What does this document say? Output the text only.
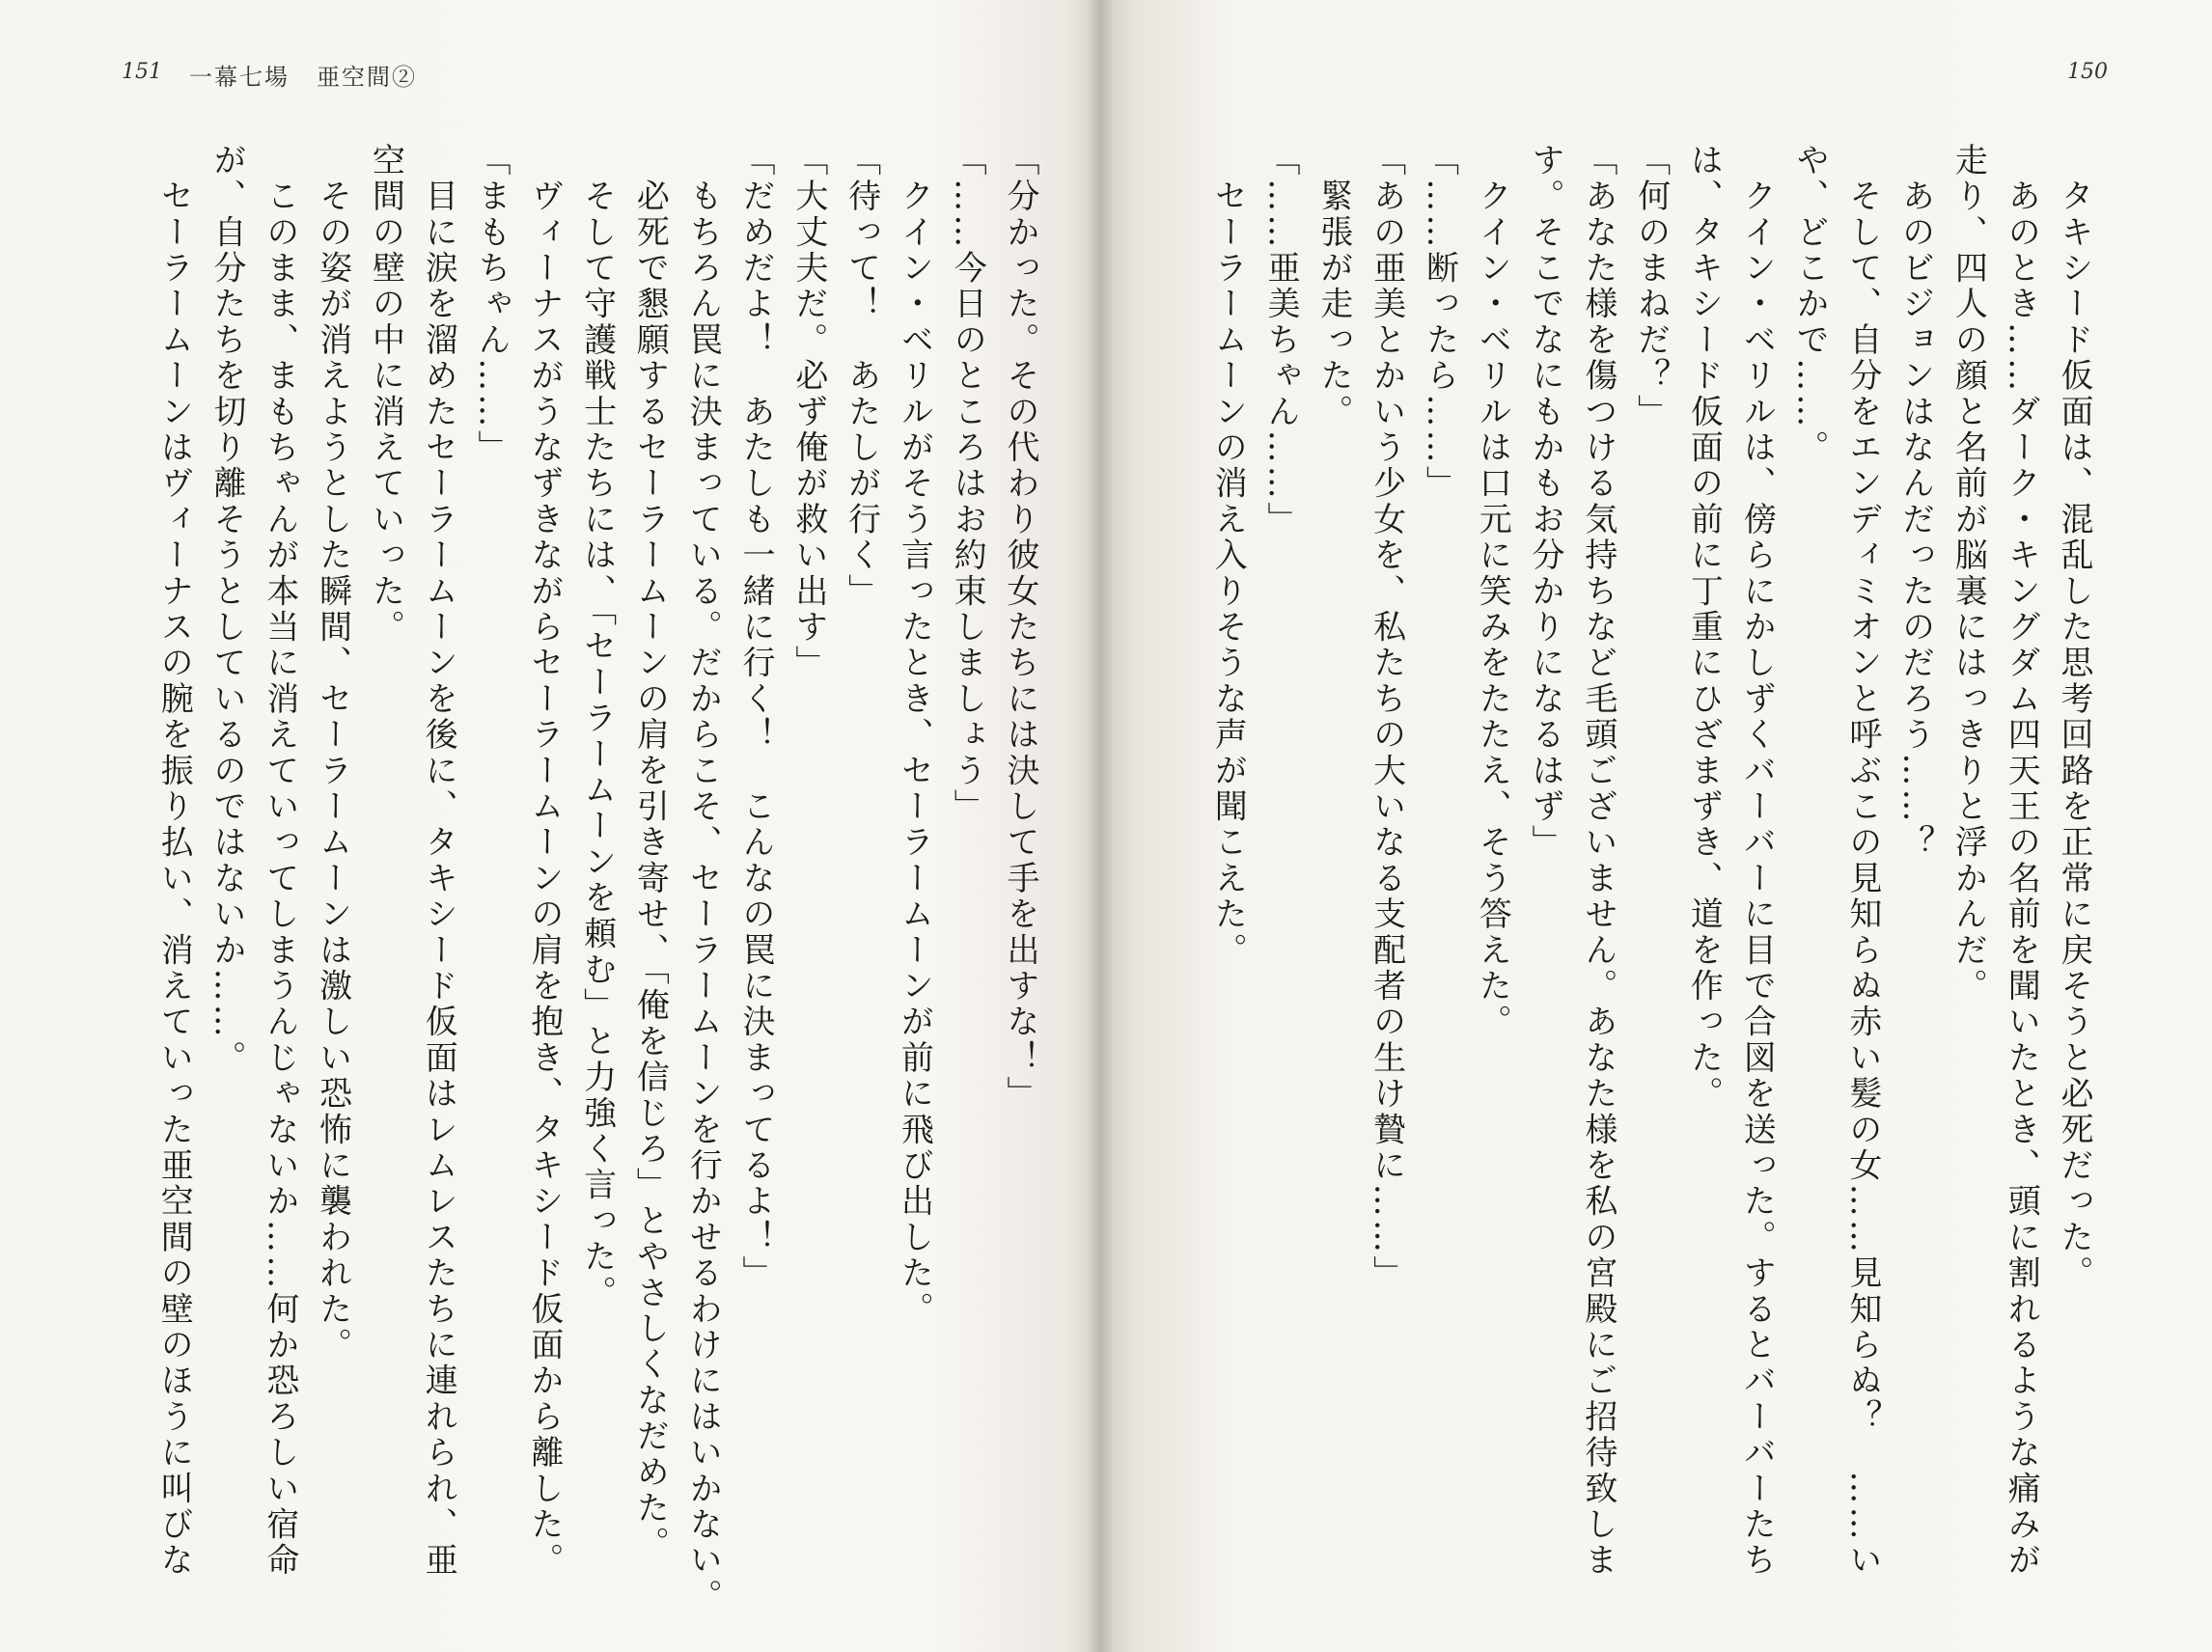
151 一幕七場 亜空間②
「分かった。その代わり彼女たちには決して手を出すな！」
「……今日のところはお約束しましょう」
　クイン・ベリルがそう言ったとき、セーラームーンが前に飛び出した。
「待って！　あたしが行く」
「大丈夫だ。必ず俺が救い出す」
「だめだよ！　あたしも一緒に行く！　こんなの罠に決まってるよ！」
　もちろん罠に決まっている。だからこそ、セーラームーンを行かせるわけにはいかない。
　必死で懇願するセーラームーンの肩を引き寄せ、「俺を信じろ」とやさしくなだめた。
　そして守護戦士たちには、「セーラームーンを頼む」と力強く言った。
　ヴィーナスがうなずきながらセーラームーンの肩を抱き、タキシード仮面から離した。
「まもちゃん……」
　目に涙を溜めたセーラームーンを後に、タキシード仮面はレムレスたちに連れられ、亜
空間の壁の中に消えていった。
　その姿が消えようとした瞬間、セーラームーンは激しい恐怖に襲われた。
　このまま、まもちゃんが本当に消えていってしまうんじゃないか……何か恐ろしい宿命
が、自分たちを切り離そうとしているのではないか……。
　セーラームーンはヴィーナスの腕を振り払い、消えていった亜空間の壁のほうに叫びな
150
　タキシード仮面は、混乱した思考回路を正常に戻そうと必死だった。
　あのとき……ダーク・キングダム四天王の名前を聞いたとき、頭に割れるような痛みが
走り、四人の顔と名前が脳裏にはっきりと浮かんだ。
　あのビジョンはなんだったのだろう……？
　そして、自分をエンディミオンと呼ぶこの見知らぬ赤い髪の女……見知らぬ？　……い
や、どこかで……。
　クイン・ベリルは、傍らにかしずくバーバーに目で合図を送った。するとバーバーたち
は、タキシード仮面の前に丁重にひざまずき、道を作った。
「何のまねだ？」
「あなた様を傷つける気持ちなど毛頭ございません。あなた様を私の宮殿にご招待致しま
す。そこでなにもかもお分かりになるはず」
　クイン・ベリルは口元に笑みをたたえ、そう答えた。
「……断ったら……」
「あの亜美とかいう少女を、私たちの大いなる支配者の生け贄に……」
　緊張が走った。
「……亜美ちゃん……」
　セーラームーンの消え入りそうな声が聞こえた。
